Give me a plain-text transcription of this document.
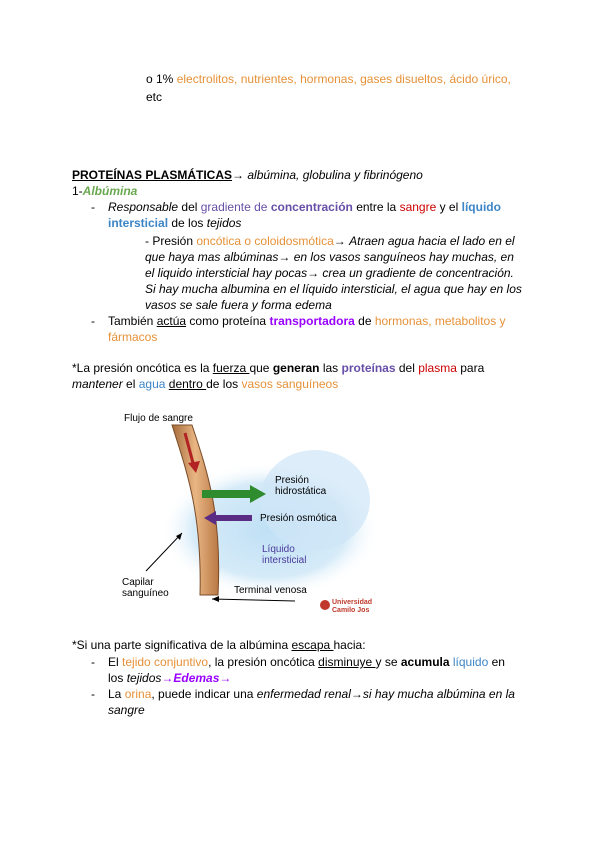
o 1% electrolitos, nutrientes, hormonas, gases disueltos, ácido úrico,
etc
PROTEÍNAS PLASMÁTICAS→ albúmina, globulina y fibrinógeno
1-Albúmina
- Responsable del gradiente de concentración entre la sangre y el líquido
intersticial de los tejidos
- Presión oncótica o coloidosmótica→ Atraen agua hacia el lado en el
que haya mas albúminas→ en los vasos sanguíneos hay muchas, en
el liquido intersticial hay pocas→ crea un gradiente de concentración.
Si hay mucha albumina en el líquido intersticial, el agua que hay en los
vasos se sale fuera y forma edema
- También actúa como proteína transportadora de hormonas, metabolitos y
fármacos
*La presión oncótica es la fuerza que generan las proteínas del plasma para
mantener el agua dentro de los vasos sanguíneos
Flujo de sangre
Presión
hidrostática
Presión osmótica
Líquido
intersticial
Capilar
sanguíneo	Terminal venosa
Universidad
Camilo Jos
*Si una parte significativa de la albúmina escapa hacia:
- El tejido conjuntivo, la presión oncótica disminuye y se acumula líquido en
los tejidos→Edemas→
- La orina, puede indicar una enfermedad renal→si hay mucha albúmina en la
sangre
